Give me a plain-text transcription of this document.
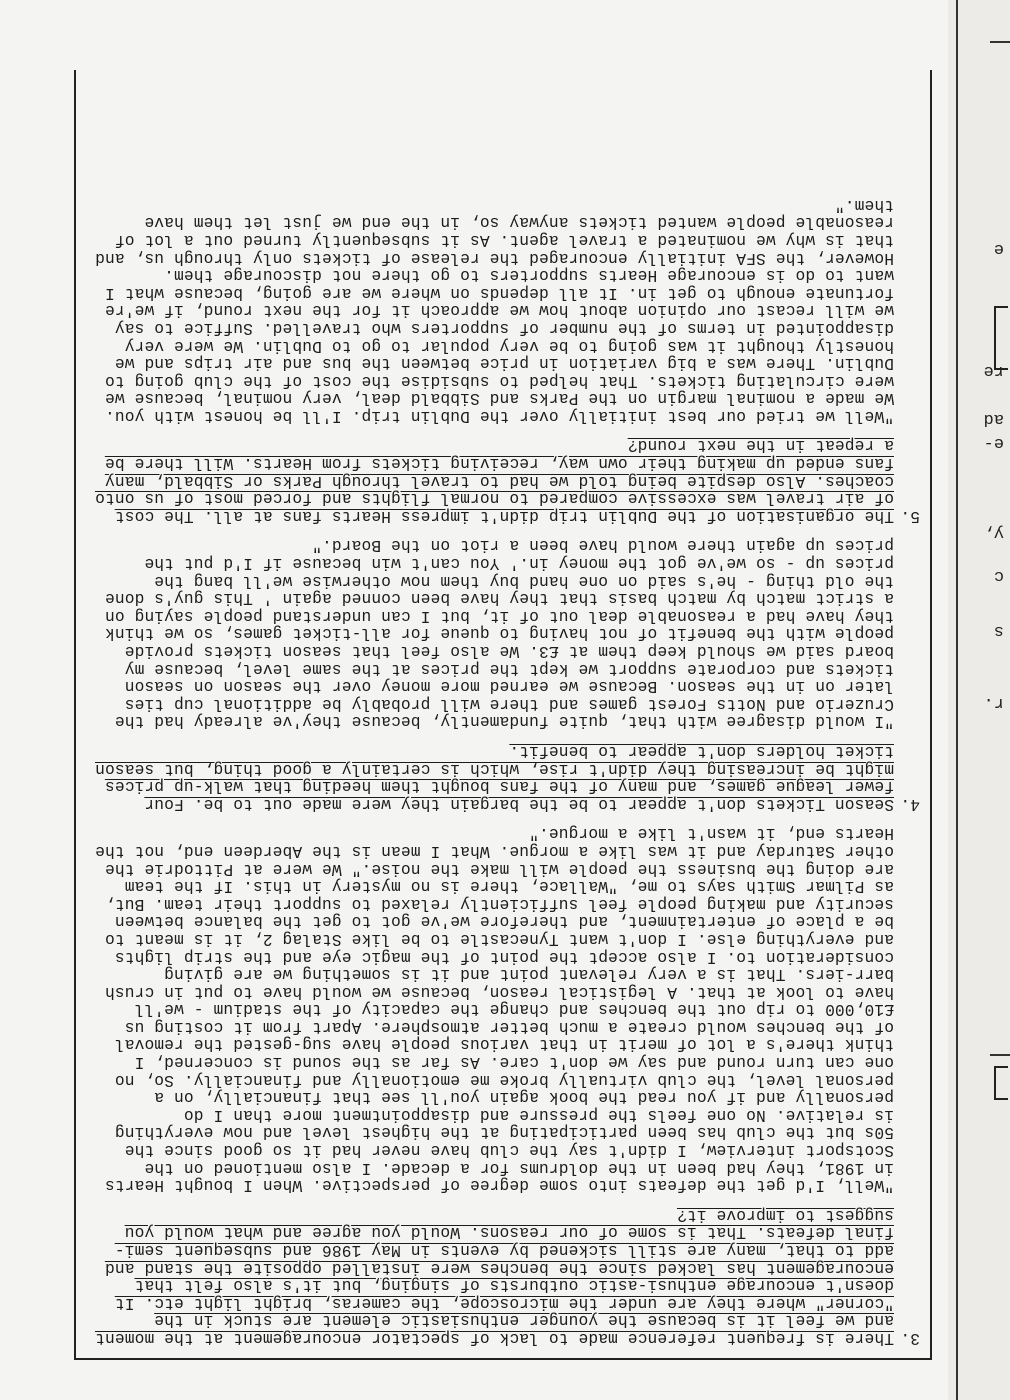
re
e
ad
e-
y,
c
s
r.
3.
There is frequent reference made to lack of spectator encouragement at the moment and we feel it is because the younger enthusiastic element are stuck in the "corner" where they are under the microscope, the cameras, bright light etc. It doesn't encourage enthusi-astic outbursts of singing, but it's also felt that encouragement has lacked since the benches were installed opposite the stand and add to that, many are still sickened by events in May 1986 and subsequent semi-final defeats. That is some of our reasons. Would you agree and what would you suggest to improve it?
"Well, I'd get the defeats into some degree of perspective. When I bought Hearts in 1981, they had been in the doldrums for a decade. I also mentioned on the Scotsport interview, I didn't say the club have never had it so good since the 50s but the club has been participating at the highest level and now everything is relative. No one feels the pressure and disappointment more than I do personally and if you read the book again you'll see that financially, on a personal level, the club virtually broke me emotionally and financially. So, no one can turn round and say we don't care. As far as the sound is concerned, I think there's a lot of merit in that various people have sug-gested the removal of the benches would create a much better atmosphere. Apart from it costing us £10,000 to rip out the benches and change the capacity of the stadium - we'll have to look at that. A legistical reason, because we would have to put in crush barr-iers. That is a very relevant point and it is something we are giving consideration to. I also accept the point of the magic eye and the strip lights and everything else. I don't want Tynecastle to be like Stalag 2, it is meant to be a place of entertainment, and therefore we've got to get the balance between security and making people feel sufficiently relaxed to support their team. But, as Pilmar Smith says to me, "Wallace, there is no mystery in this. If the team are doing the business the people will make the noise." We were at Pittodrie the other Saturday and it was like a morgue. What I mean is the Aberdeen end, not the Hearts end, it wasn't like a morgue."
4.
Season Tickets don't appear to be the bargain they were made out to be. Four fewer league games, and many of the fans bought them heeding that walk-up prices might be increasing they didn't rise, which is certainly a good thing, but season ticket holders don't appear to benefit.
"I would disagree with that, quite fundamently, because they've already had the Cruzerio and Notts Forest games and there will probably be additional cup ties later on in the season. Because we earned more money over the season on season tickets and corporate support we kept the prices at the same level, because my board said we should keep them at £3. We also feel that season tickets provide people with the benefit of not having to queue for all-ticket games, so we think they have had a reasonable deal out of it, but I can understand people saying on a strict match by match basis that they have been conned again ' This guy's done the old thing - he's said on one hand buy them now otherwise we'll bang the prices up - so we've got the money in.' You can't win because if I'd put the prices up again there would have been a riot on the Board."
5.
The organisation of the Dublin trip didn't impress Hearts fans at all. The cost of air travel was excessive compared to normal flights and forced most of us onto coaches. Also despite being told we had to travel through Parks or Sibbald, many fans ended up making their own way, receiving tickets from Hearts. Will there be a repeat in the next round?
"Well we tried our best initially over the Dublin trip. I'll be honest with you. We made a nominal margin on the Parks and Sibbald deal, very nominal, because we were circulating tickets. That helped to subsidise the cost of the club going to Dublin. There was a big variation in price between the bus and air trips and we honestly thought it was going to be very popular to go to Dublin. We were very disappointed in terms of the number of supporters who travelled. Suffice to say we will recast our opinion about how we approach it for the next round, if we're fortunate enough to get in. It all depends on where we are going, because what I want to do is encourage Hearts supporters to go there not discourage them. However, the SFA initially encouraged the release of tickets only through us, and that is why we nominated a travel agent. As it subsequently turned out a lot of reasonable people wanted tickets anyway so, in the end we just let them have them."
